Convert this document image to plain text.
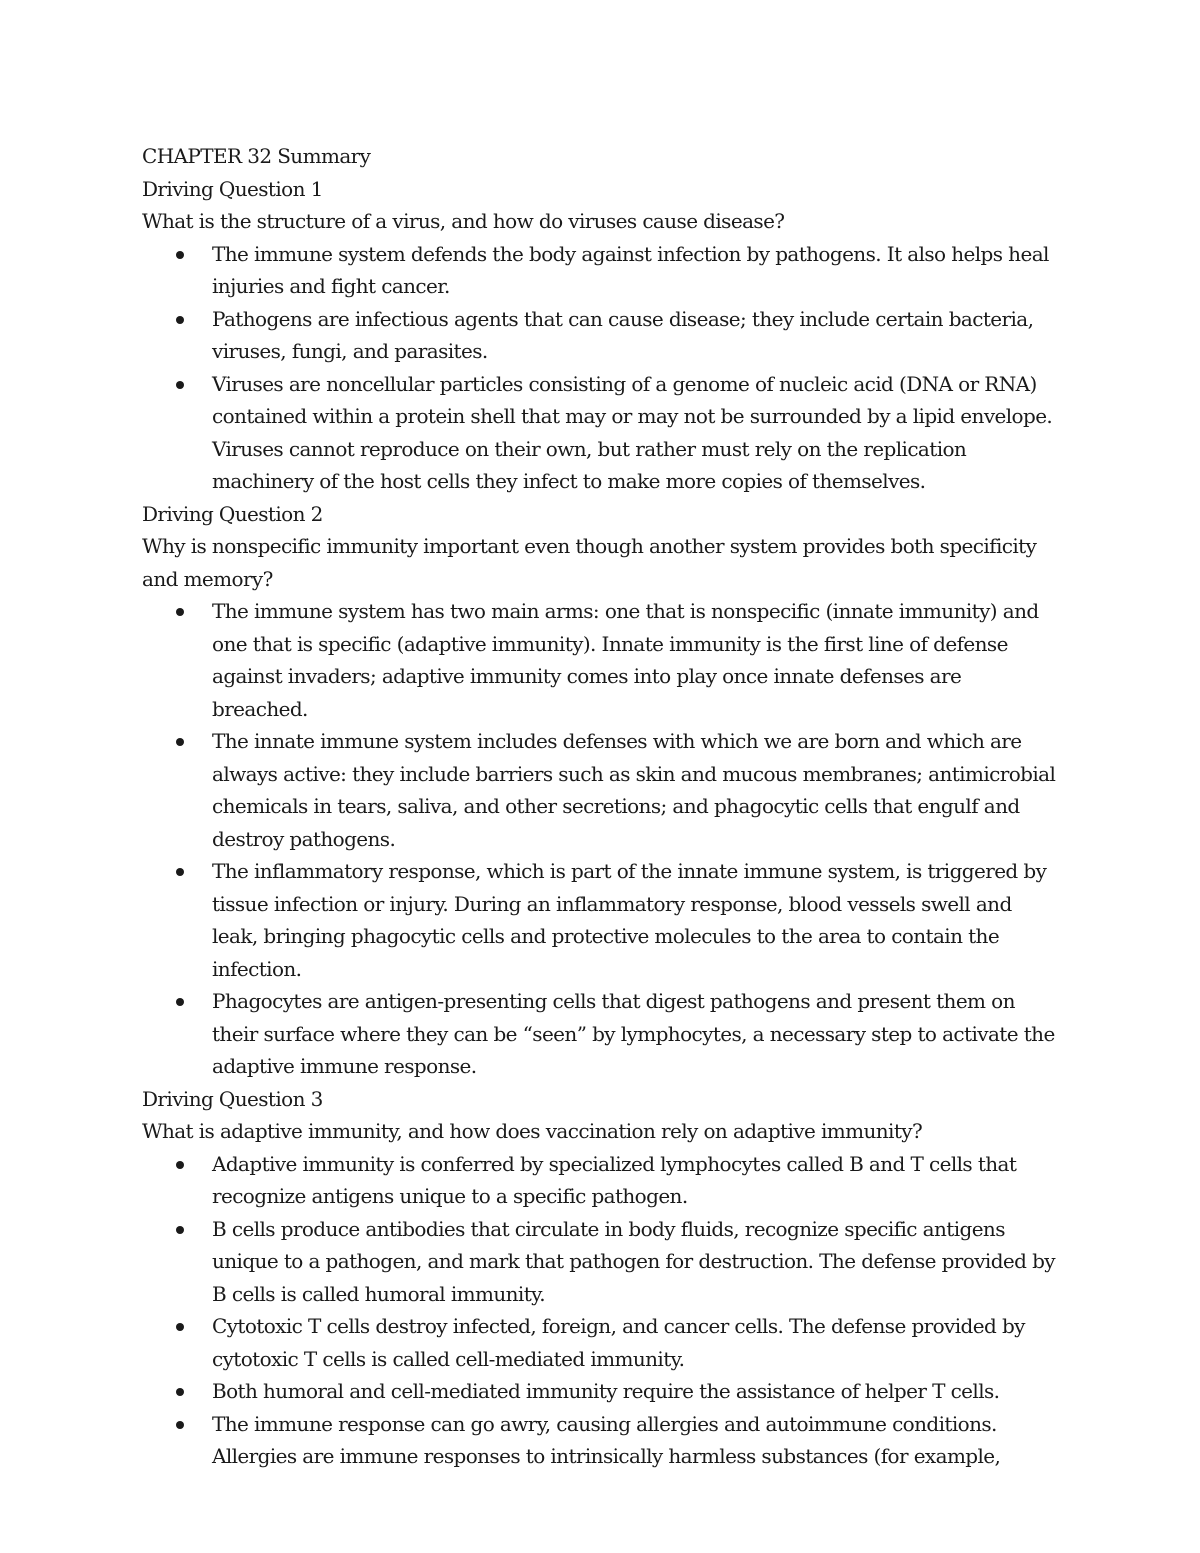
CHAPTER 32 Summary

Driving Question 1

What is the structure of a virus, and how do viruses cause disease?

The immune system defends the body against infection by pathogens. It also helps heal injuries and fight cancer.
Pathogens are infectious agents that can cause disease; they include certain bacteria, viruses, fungi, and parasites.
Viruses are noncellular particles consisting of a genome of nucleic acid (DNA or RNA) contained within a protein shell that may or may not be surrounded by a lipid envelope. Viruses cannot reproduce on their own, but rather must rely on the replication machinery of the host cells they infect to make more copies of themselves.

Driving Question 2

Why is nonspecific immunity important even though another system provides both specificity and memory?

The immune system has two main arms: one that is nonspecific (innate immunity) and one that is specific (adaptive immunity). Innate immunity is the first line of defense against invaders; adaptive immunity comes into play once innate defenses are breached.
The innate immune system includes defenses with which we are born and which are always active: they include barriers such as skin and mucous membranes; antimicrobial chemicals in tears, saliva, and other secretions; and phagocytic cells that engulf and destroy pathogens.
The inflammatory response, which is part of the innate immune system, is triggered by tissue infection or injury. During an inflammatory response, blood vessels swell and leak, bringing phagocytic cells and protective molecules to the area to contain the infection.
Phagocytes are antigen-presenting cells that digest pathogens and present them on their surface where they can be “seen” by lymphocytes, a necessary step to activate the adaptive immune response.

Driving Question 3

What is adaptive immunity, and how does vaccination rely on adaptive immunity?

Adaptive immunity is conferred by specialized lymphocytes called B and T cells that recognize antigens unique to a specific pathogen.
B cells produce antibodies that circulate in body fluids, recognize specific antigens unique to a pathogen, and mark that pathogen for destruction. The defense provided by B cells is called humoral immunity.
Cytotoxic T cells destroy infected, foreign, and cancer cells. The defense provided by cytotoxic T cells is called cell-mediated immunity.
Both humoral and cell-mediated immunity require the assistance of helper T cells.
The immune response can go awry, causing allergies and autoimmune conditions. Allergies are immune responses to intrinsically harmless substances (for example,
